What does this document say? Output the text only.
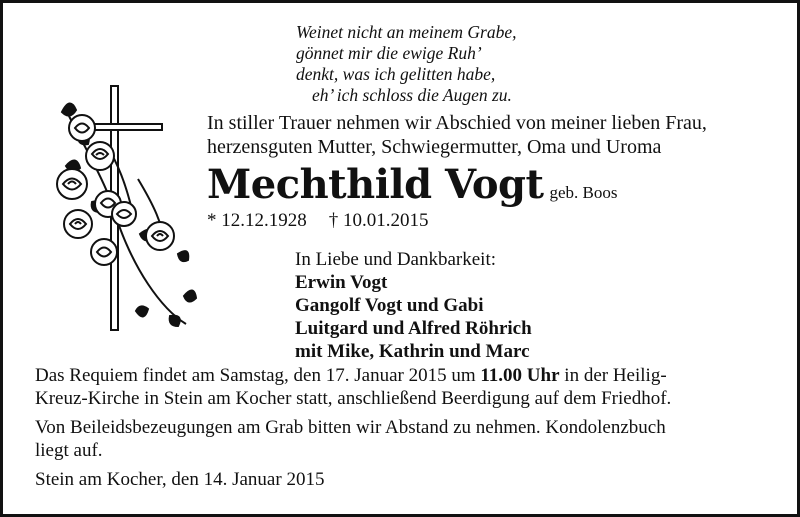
Weinet nicht an meinem Grabe,
gönnet mir die ewige Ruh’
denkt, was ich gelitten habe,
eh’ ich schloss die Augen zu.
In stiller Trauer nehmen wir Abschied von meiner lieben Frau,
herzensguten Mutter, Schwiegermutter, Oma und Uroma
Mechthild Vogt geb. Boos
* 12.12.1928 † 10.01.2015
In Liebe und Dankbarkeit:
Erwin Vogt
Gangolf Vogt und Gabi
Luitgard und Alfred Röhrich
mit Mike, Kathrin und Marc
Das Requiem findet am Samstag, den 17. Januar 2015 um 11.00 Uhr in der Heilig-
Kreuz-Kirche in Stein am Kocher statt, anschließend Beerdigung auf dem Friedhof.
Von Beileidsbezeugungen am Grab bitten wir Abstand zu nehmen. Kondolenzbuch
liegt auf.
Stein am Kocher, den 14. Januar 2015
